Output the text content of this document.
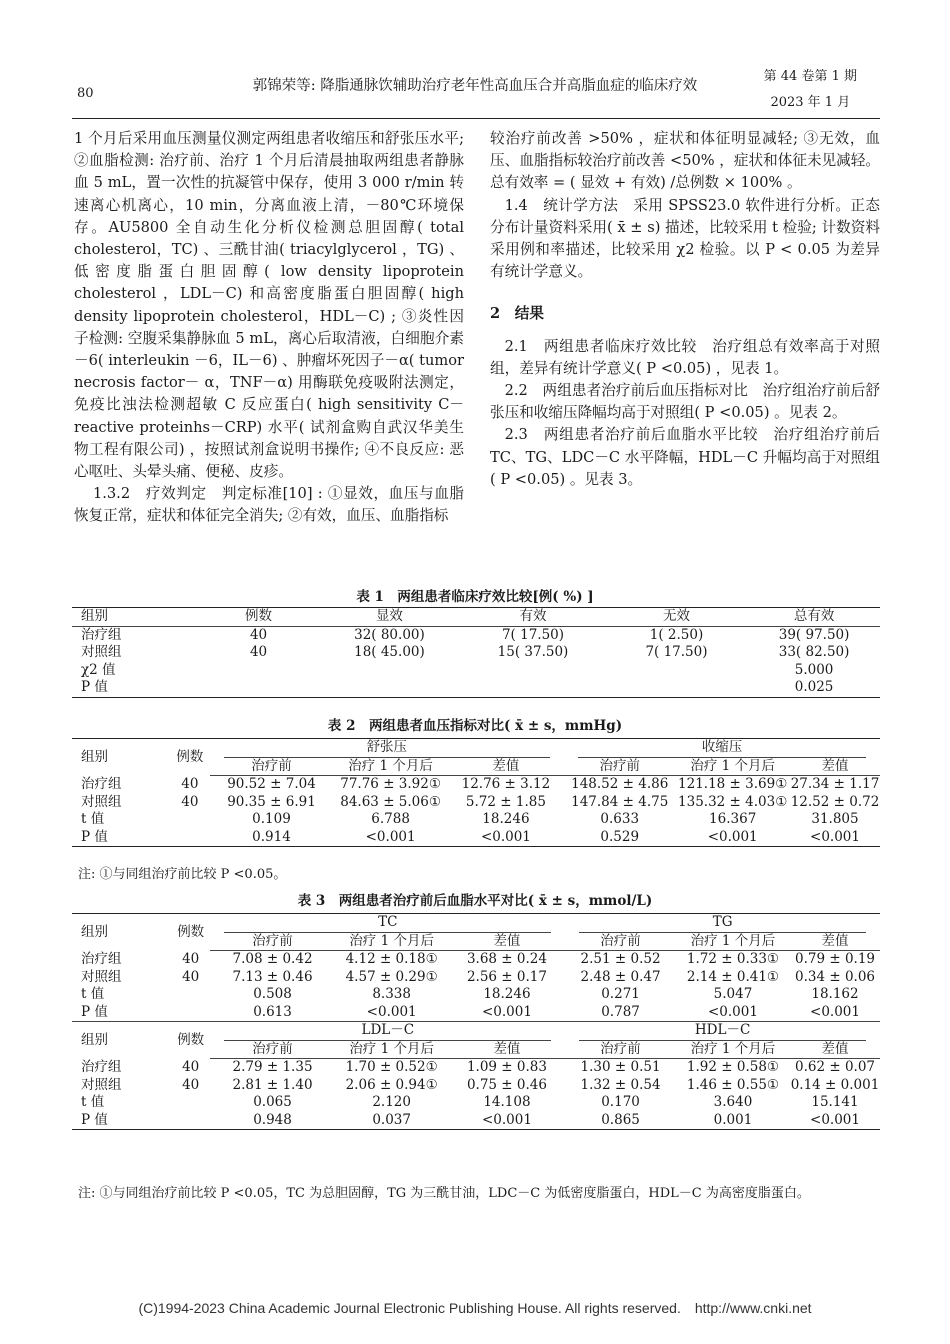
80	郭锦荣等: 降脂通脉饮辅助治疗老年性高血压合并高脂血症的临床疗效
第 44 卷第 1 期
2023 年 1 月

1 个月后采用血压测量仪测定两组患者收缩压和舒张压水平; ②血脂检测: 治疗前、治疗 1 个月后清晨抽取两组患者静脉血 5 mL，置一次性的抗凝管中保存，使用 3 000 r/min 转速离心机离心，10 min，分离血液上清，－80℃环境保存。AU5800 全自动生化分析仪检测总胆固醇( total cholesterol，TC) 、三酰甘油( triacylglycerol ，TG) 、低密度脂蛋白胆固醇( low density lipoprotein cholesterol ，LDL－C) 和高密度脂蛋白胆固醇( high density lipoprotein cholesterol，HDL－C) ; ③炎性因子检测: 空腹采集静脉血 5 mL，离心后取清液，白细胞介素－6( interleukin －6，IL－6) 、肿瘤坏死因子－α( tumor necrosis factor－ α，TNF－α) 用酶联免疫吸附法测定，免疫比浊法检测超敏 C 反应蛋白( high sensitivity C－reactive proteinhs－CRP) 水平( 试剂盒购自武汉华美生物工程有限公司) ，按照试剂盒说明书操作; ④不良反应: 恶心呕吐、头晕头痛、便秘、皮疹。

1.3.2　疗效判定　判定标准[10] : ①显效，血压与血脂恢复正常，症状和体征完全消失; ②有效，血压、血脂指标

较治疗前改善 >50% ，症状和体征明显减轻; ③无效，血压、血脂指标较治疗前改善 <50% ，症状和体征未见减轻。总有效率 = ( 显效 + 有效) /总例数 × 100% 。

1.4　统计学方法　采用 SPSS23.0 软件进行分析。正态分布计量资料采用( x̄ ± s) 描述，比较采用 t 检验; 计数资料采用例和率描述，比较采用 χ2 检验。以 P < 0.05 为差异有统计学意义。

2　结果

2.1　两组患者临床疗效比较　治疗组总有效率高于对照组，差异有统计学意义( P <0.05) ，见表 1。

2.2　两组患者治疗前后血压指标对比　治疗组治疗前后舒张压和收缩压降幅均高于对照组( P <0.05) 。见表 2。

2.3　两组患者治疗前后血脂水平比较　治疗组治疗前后 TC、TG、LDC－C 水平降幅，HDL－C 升幅均高于对照组( P <0.05) 。见表 3。

表 1　两组患者临床疗效比较[例( %) ]
组别	例数	显效	有效	无效	总有效
治疗组	40	32( 80.00)	7( 17.50)	1( 2.50)	39( 97.50)
对照组	40	18( 45.00)	15( 37.50)	7( 17.50)	33( 82.50)
χ2 值					5.000
P 值					0.025
表 2　两组患者血压指标对比( x̄ ± s，mmHg)
组别	例数	舒张压			收缩压		

		治疗前	治疗 1 个月后	差值	治疗前	治疗 1 个月后	差值
治疗组	40	90.52 ± 7.04	77.76 ± 3.92①	12.76 ± 3.12	148.52 ± 4.86	121.18 ± 3.69①	27.34 ± 1.17
对照组	40	90.35 ± 6.91	84.63 ± 5.06①	5.72 ± 1.85	147.84 ± 4.75	135.32 ± 4.03①	12.52 ± 0.72
t 值		0.109	6.788	18.246	0.633	16.367	31.805
P 值		0.914	<0.001	<0.001	0.529	<0.001	<0.001
注: ①与同组治疗前比较 P <0.05。
表 3　两组患者治疗前后血脂水平对比( x̄ ± s，mmol/L)
组别	例数	TC			TG		

		治疗前	治疗 1 个月后	差值	治疗前	治疗 1 个月后	差值
治疗组	40	7.08 ± 0.42	4.12 ± 0.18①	3.68 ± 0.24	2.51 ± 0.52	1.72 ± 0.33①	0.79 ± 0.19
对照组	40	7.13 ± 0.46	4.57 ± 0.29①	2.56 ± 0.17	2.48 ± 0.47	2.14 ± 0.41①	0.34 ± 0.06
t 值		0.508	8.338	18.246	0.271	5.047	18.162
P 值		0.613	<0.001	<0.001	0.787	<0.001	<0.001
组别	例数	LDL－C			HDL－C		

		治疗前	治疗 1 个月后	差值	治疗前	治疗 1 个月后	差值
治疗组	40	2.79 ± 1.35	1.70 ± 0.52①	1.09 ± 0.83	1.30 ± 0.51	1.92 ± 0.58①	0.62 ± 0.07
对照组	40	2.81 ± 1.40	2.06 ± 0.94①	0.75 ± 0.46	1.32 ± 0.54	1.46 ± 0.55①	0.14 ± 0.001
t 值		0.065	2.120	14.108	0.170	3.640	15.141
P 值		0.948	0.037	<0.001	0.865	0.001	<0.001
注: ①与同组治疗前比较 P <0.05，TC 为总胆固醇，TG 为三酰甘油，LDC－C 为低密度脂蛋白，HDL－C 为高密度脂蛋白。
(C)1994-2023 China Academic Journal Electronic Publishing House. All rights reserved.　http://www.cnki.net
